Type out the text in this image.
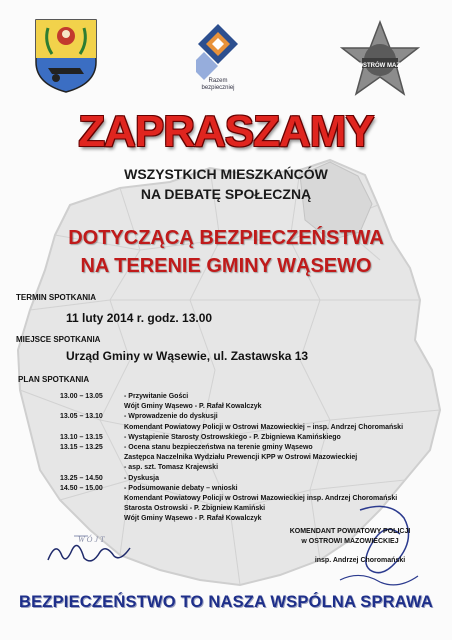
Razem
bezpieczniej
OSTRÓW MAZ.
ZAPRASZAMY
WSZYSTKICH MIESZKAŃCÓW
NA DEBATĘ SPOŁECZNĄ
DOTYCZĄCĄ BEZPIECZEŃSTWA
NA TERENIE GMINY WĄSEWO
TERMIN SPOTKANIA
11 luty 2014 r. godz. 13.00
MIEJSCE SPOTKANIA
Urząd Gminy w Wąsewie, ul. Zastawska 13
PLAN SPOTKANIA
13.00 – 13.05	- Przywitanie Gości
Wójt Gminy Wąsewo - P. Rafał Kowalczyk
13.05 – 13.10	- Wprowadzenie do dyskusji
Komendant Powiatowy Policji w Ostrowi Mazowieckiej – insp. Andrzej Choromański
13.10 – 13.15	- Wystąpienie Starosty Ostrowskiego - P. Zbigniewa Kamińskiego
13.15 – 13.25	- Ocena stanu bezpieczeństwa na terenie gminy Wąsewo
Zastępca Naczelnika Wydziału Prewencji KPP w Ostrowi Mazowieckiej
- asp. szt. Tomasz Krajewski
13.25 – 14.50	- Dyskusja
14.50 – 15.00	- Podsumowanie debaty – wnioski
Komendant Powiatowy Policji w Ostrowi Mazowieckiej insp. Andrzej Choromański
Starosta Ostrowski - P. Zbigniew Kamiński
Wójt Gminy Wąsewo - P. Rafał Kowalczyk
W Ó J T
KOMENDANT POWIATOWY POLICJI
w OSTROWI MAZOWIECKIEJ
insp. Andrzej Choromański
BEZPIECZEŃSTWO TO NASZA WSPÓLNA SPRAWA
